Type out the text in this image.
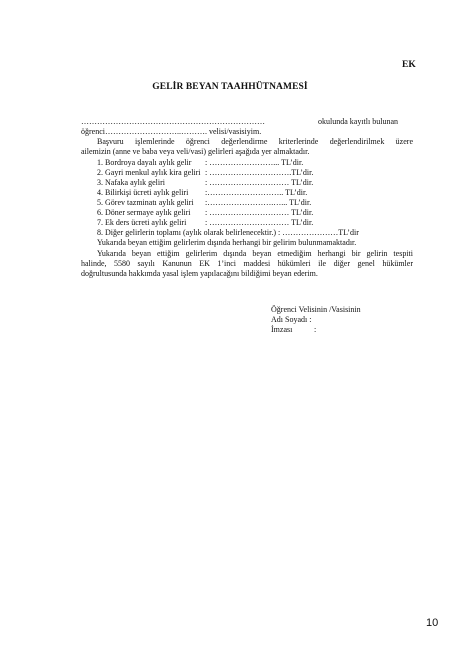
EK
GELİR BEYAN TAAHHÜTNAMESİ
……………………………………………………………	okulunda kayıtlı bulunan
öğrenci………………………..………. velisi/vasisiyim.
Başvuru işlemlerinde öğrenci değerlendirme kriterlerinde değerlendirilmek üzere
ailemizin (anne ve baba veya veli/vasi) gelirleri aşağıda yer almaktadır.
1. Bordroya dayalı aylık gelir : ……………………... TL’dir.
2. Gayri menkul aylık kira geliri : ………………………….TL’dir.
3. Nafaka aylık geliri	: ………………………… TL’dir.
4. Bilirkişi ücreti aylık geliri :……………………….. TL’dir.
5. Görev tazminatı aylık geliri :…………………….…... TL’dir.
6. Döner sermaye aylık geliri : ………………………… TL’dir.
7. Ek ders ücreti aylık geliri : ………………………… TL’dir.
8. Diğer gelirlerin toplamı (aylık olarak belirlenecektir.) : …………………TL’dir
Yukarıda beyan ettiğim gelirlerim dışında herhangi bir gelirim bulunmamaktadır.
Yukarıda beyan ettiğim gelirlerim dışında beyan etmediğim herhangi bir gelirin tespiti
halinde, 5580 sayılı Kanunun EK 1’inci maddesi hükümleri ile diğer genel hükümler
doğrultusunda hakkımda yasal işlem yapılacağını bildiğimi beyan ederim.
Öğrenci Velisinin /Vasisinin
Adı Soyadı :
İmzası	:
10
